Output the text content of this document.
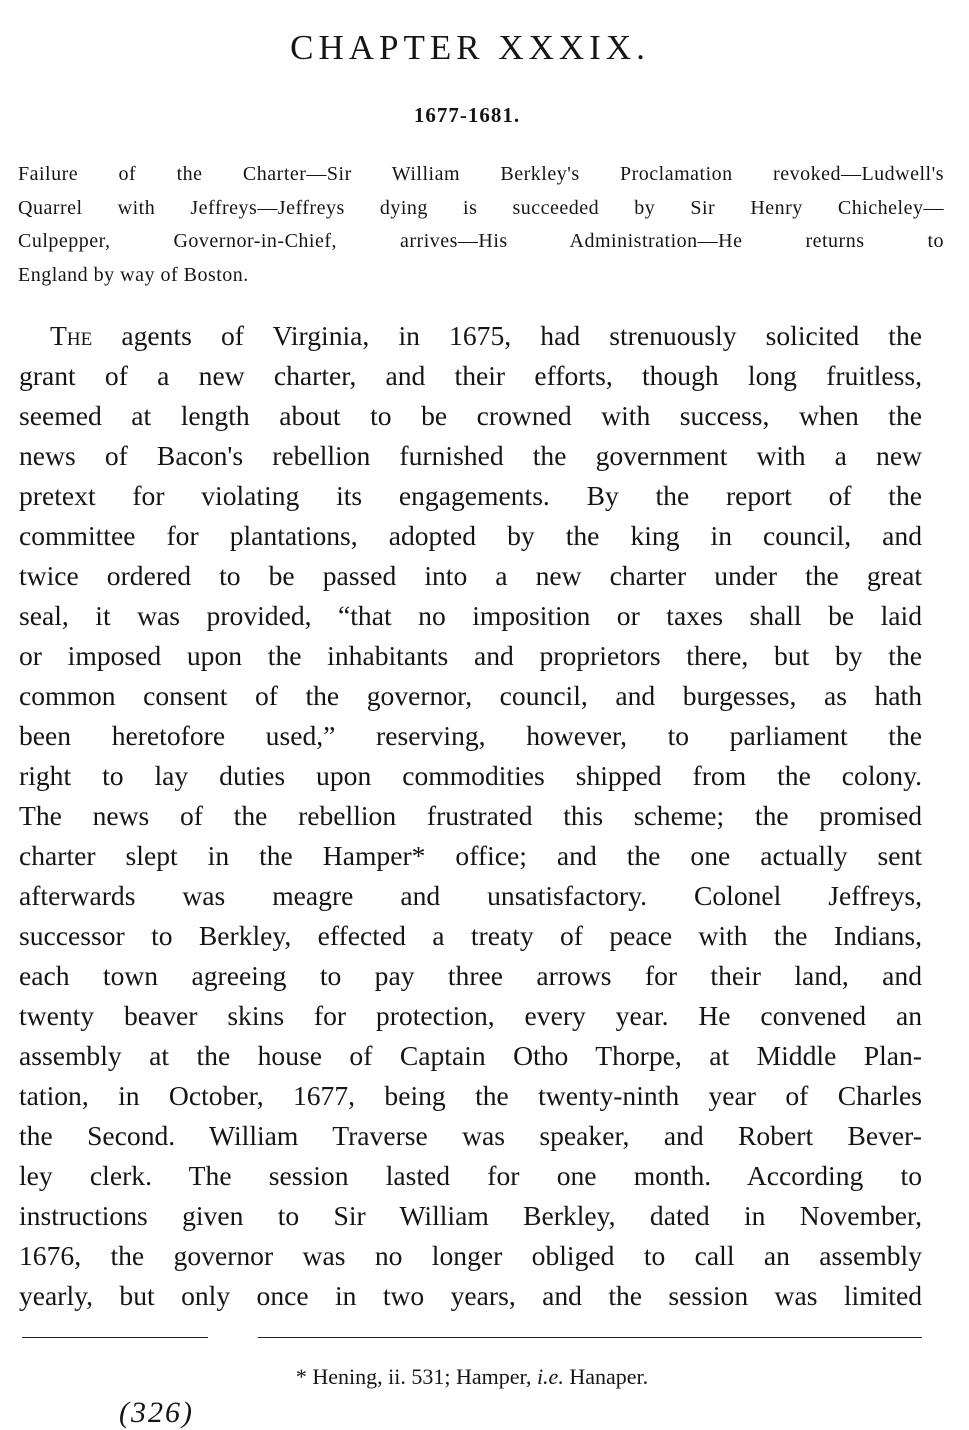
CHAPTER XXXIX.

1677-1681.

Failure of the Charter—Sir William Berkley's Proclamation revoked—Ludwell's
Quarrel with Jeffreys—Jeffreys dying is succeeded by Sir Henry Chicheley—
Culpepper, Governor-in-Chief, arrives—His Administration—He returns to
England by way of Boston.

The agents of Virginia, in 1675, had strenuously solicited the
grant of a new charter, and their efforts, though long fruitless,
seemed at length about to be crowned with success, when the
news of Bacon's rebellion furnished the government with a new
pretext for violating its engagements. By the report of the
committee for plantations, adopted by the king in council, and
twice ordered to be passed into a new charter under the great
seal, it was provided, “that no imposition or taxes shall be laid
or imposed upon the inhabitants and proprietors there, but by the
common consent of the governor, council, and burgesses, as hath
been heretofore used,” reserving, however, to parliament the
right to lay duties upon commodities shipped from the colony.
The news of the rebellion frustrated this scheme; the promised
charter slept in the Hamper* office; and the one actually sent
afterwards was meagre and unsatisfactory. Colonel Jeffreys,
successor to Berkley, effected a treaty of peace with the Indians,
each town agreeing to pay three arrows for their land, and
twenty beaver skins for protection, every year. He convened an
assembly at the house of Captain Otho Thorpe, at Middle Plan-
tation, in October, 1677, being the twenty-ninth year of Charles
the Second. William Traverse was speaker, and Robert Bever-
ley clerk. The session lasted for one month. According to
instructions given to Sir William Berkley, dated in November,
1676, the governor was no longer obliged to call an assembly
yearly, but only once in two years, and the session was limited

* Hening, ii. 531; Hamper, i.e. Hanaper.

(326)
